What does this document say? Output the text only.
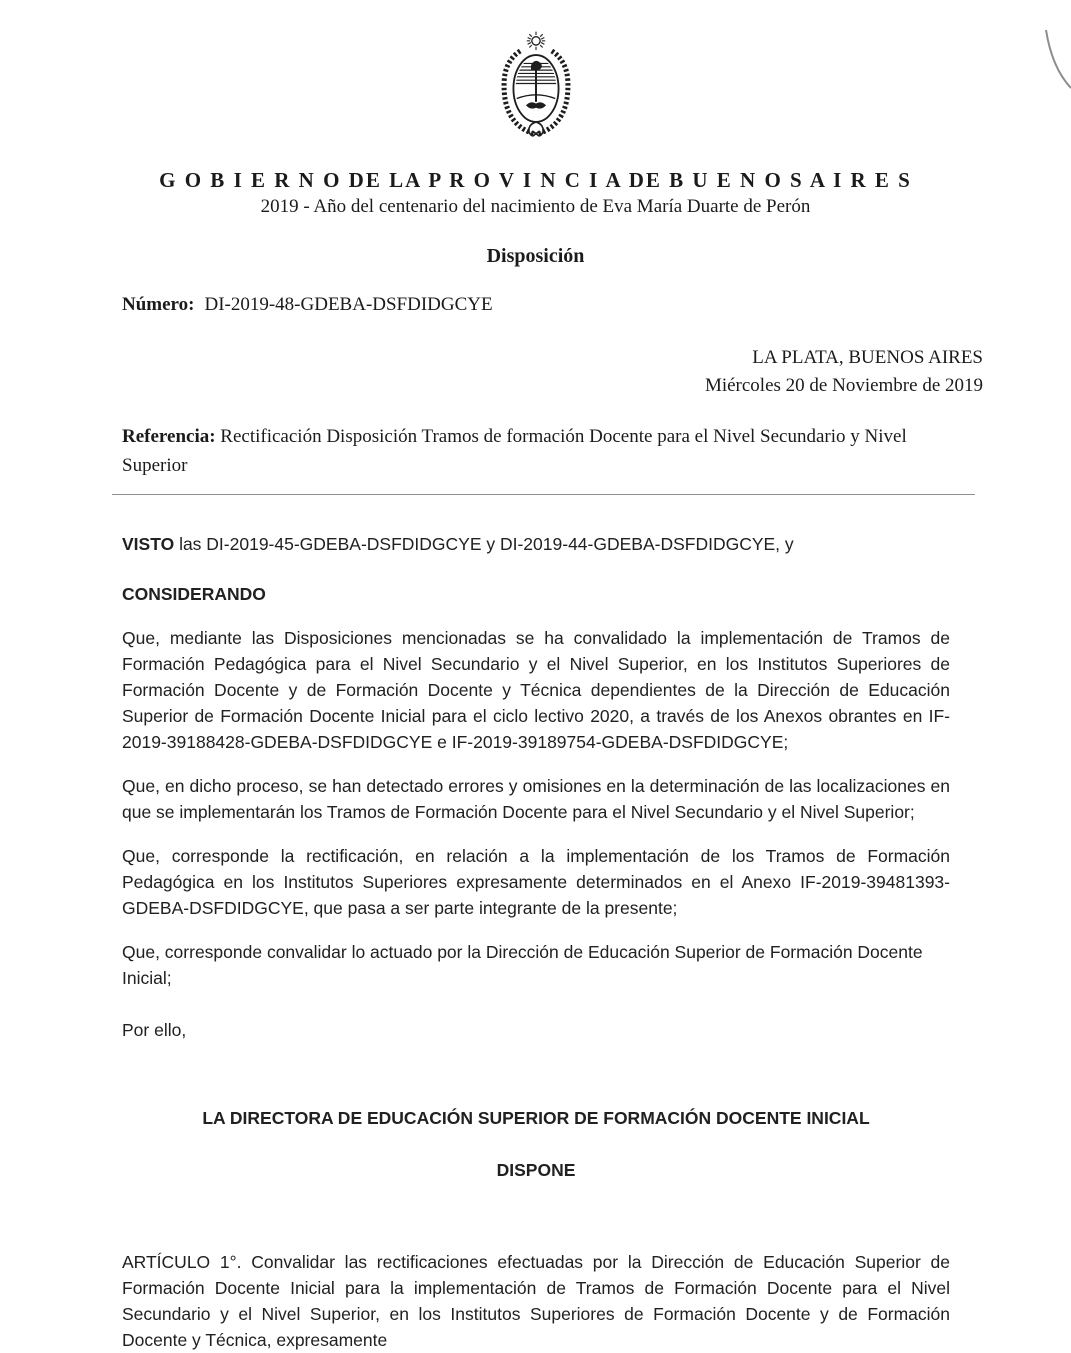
G O B I E R N O DE LA P R O V I N C I A DE B U E N O S A I R E S
2019 - Año del centenario del nacimiento de Eva María Duarte de Perón
Disposición
Número: DI-2019-48-GDEBA-DSFDIDGCYE
LA PLATA, BUENOS AIRES
Miércoles 20 de Noviembre de 2019
Referencia: Rectificación Disposición Tramos de formación Docente para el Nivel Secundario y Nivel Superior
VISTO las DI-2019-45-GDEBA-DSFDIDGCYE y DI-2019-44-GDEBA-DSFDIDGCYE, y
CONSIDERANDO

Que, mediante las Disposiciones mencionadas se ha convalidado la implementación de Tramos de Formación Pedagógica para el Nivel Secundario y el Nivel Superior, en los Institutos Superiores de Formación Docente y de Formación Docente y Técnica dependientes de la Dirección de Educación Superior de Formación Docente Inicial para el ciclo lectivo 2020, a través de los Anexos obrantes en IF-2019-39188428-GDEBA-DSFDIDGCYE e IF-2019-39189754-GDEBA-DSFDIDGCYE;

Que, en dicho proceso, se han detectado errores y omisiones en la determinación de las localizaciones en que se implementarán los Tramos de Formación Docente para el Nivel Secundario y el Nivel Superior;

Que, corresponde la rectificación, en relación a la implementación de los Tramos de Formación Pedagógica en los Institutos Superiores expresamente determinados en el Anexo IF-2019-39481393-GDEBA-DSFDIDGCYE, que pasa a ser parte integrante de la presente;

Que, corresponde convalidar lo actuado por la Dirección de Educación Superior de Formación Docente Inicial;

Por ello,

LA DIRECTORA DE EDUCACIÓN SUPERIOR DE FORMACIÓN DOCENTE INICIAL
DISPONE

ARTÍCULO 1°. Convalidar las rectificaciones efectuadas por la Dirección de Educación Superior de Formación Docente Inicial para la implementación de Tramos de Formación Docente para el Nivel Secundario y el Nivel Superior, en los Institutos Superiores de Formación Docente y de Formación Docente y Técnica, expresamente
